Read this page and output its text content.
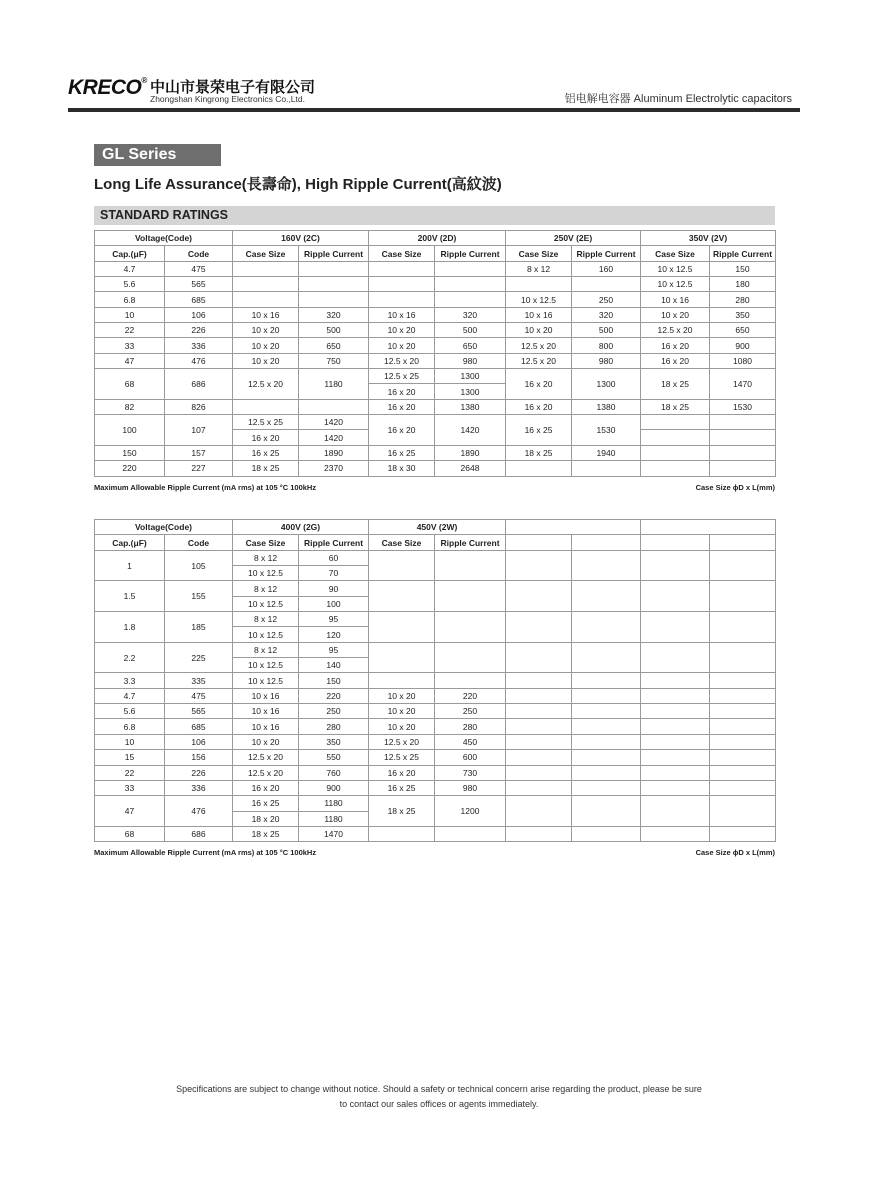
KRECO® 中山市景荣电子有限公司
Zhongshan Kingrong Electronics Co.,Ltd.	铝电解电容器 Aluminum Electrolytic capacitors
GL Series
Long Life Assurance(長壽命), High Ripple Current(高紋波)
STANDARD RATINGS
Voltage(Code)		160V (2C)		200V (2D)		250V (2E)		350V (2V)	
Cap.(μF)	Code	Case Size	Ripple Current	Case Size	Ripple Current	Case Size	Ripple Current	Case Size	Ripple Current
4.7	475					8 x 12	160	10 x 12.5	150
5.6	565							10 x 12.5	180
6.8	685					10 x 12.5	250	10 x 16	280
10	106	10 x 16	320	10 x 16	320	10 x 16	320	10 x 20	350
22	226	10 x 20	500	10 x 20	500	10 x 20	500	12.5 x 20	650
33	336	10 x 20	650	10 x 20	650	12.5 x 20	800	16 x 20	900
47	476	10 x 20	750	12.5 x 20	980	12.5 x 20	980	16 x 20	1080
68	686	12.5 x 20	1180	12.5 x 25	1300	16 x 20	1300	18 x 25	1470
				16 x 20	1300				
82	826			16 x 20	1380	16 x 20	1380	18 x 25	1530
100	107	12.5 x 25	1420	16 x 20	1420	16 x 25	1530		
		16 x 20	1420						
150	157	16 x 25	1890	16 x 25	1890	18 x 25	1940		
220	227	18 x 25	2370	18 x 30	2648				
Maximum Allowable Ripple Current (mA rms) at 105 °C 100kHz	Case Size ϕD x L(mm)
Voltage(Code)		400V (2G)		450V (2W)					
Cap.(μF)	Code	Case Size	Ripple Current	Case Size	Ripple Current				
1	105	8 x 12	60						
		10 x 12.5	70						
1.5	155	8 x 12	90						
		10 x 12.5	100						
1.8	185	8 x 12	95						
		10 x 12.5	120						
2.2	225	8 x 12	95						
		10 x 12.5	140						
3.3	335	10 x 12.5	150						
4.7	475	10 x 16	220	10 x 20	220				
5.6	565	10 x 16	250	10 x 20	250				
6.8	685	10 x 16	280	10 x 20	280				
10	106	10 x 20	350	12.5 x 20	450				
15	156	12.5 x 20	550	12.5 x 25	600				
22	226	12.5 x 20	760	16 x 20	730				
33	336	16 x 20	900	16 x 25	980				
47	476	16 x 25	1180	18 x 25	1200				
		18 x 20	1180						
68	686	18 x 25	1470						
Maximum Allowable Ripple Current (mA rms) at 105 °C 100kHz	Case Size ϕD x L(mm)
Specifications are subject to change without notice. Should a safety or technical concern arise regarding the product, please be sure
to contact our sales offices or agents immediately.
